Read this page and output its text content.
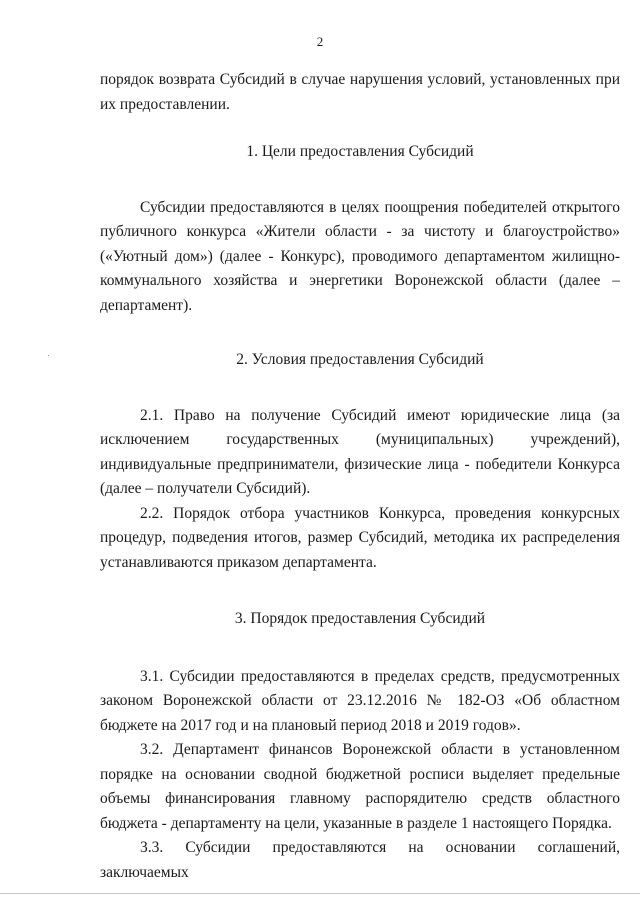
2

порядок возврата Субсидий в случае нарушения условий, установленных при

их предоставлении.

1. Цели предоставления Субсидий

Субсидии предоставляются в целях поощрения победителей открытого публичного конкурса «Жители области - за чистоту и благоустройство» («Уютный дом») (далее - Конкурс), проводимого департаментом жилищно-коммунального хозяйства и энергетики Воронежской области (далее – департамент).

2. Условия предоставления Субсидий

2.1. Право на получение Субсидий имеют юридические лица (за

исключением государственных (муниципальных) учреждений),

индивидуальные предприниматели, физические лица - победители Конкурса (далее – получатели Субсидий).

2.2. Порядок отбора участников Конкурса, проведения конкурсных процедур, подведения итогов, размер Субсидий, методика их распределения устанавливаются приказом департамента.

3. Порядок предоставления Субсидий

3.1. Субсидии предоставляются в пределах средств, предусмотренных законом Воронежской области от 23.12.2016 № 182-ОЗ «Об областном бюджете на 2017 год и на плановый период 2018 и 2019 годов».

3.2. Департамент финансов Воронежской области в установленном порядке на основании сводной бюджетной росписи выделяет предельные объемы финансирования главному распорядителю средств областного бюджета - департаменту на цели, указанные в разделе 1 настоящего Порядка.

3.3. Субсидии предоставляются на основании соглашений, заключаемых
